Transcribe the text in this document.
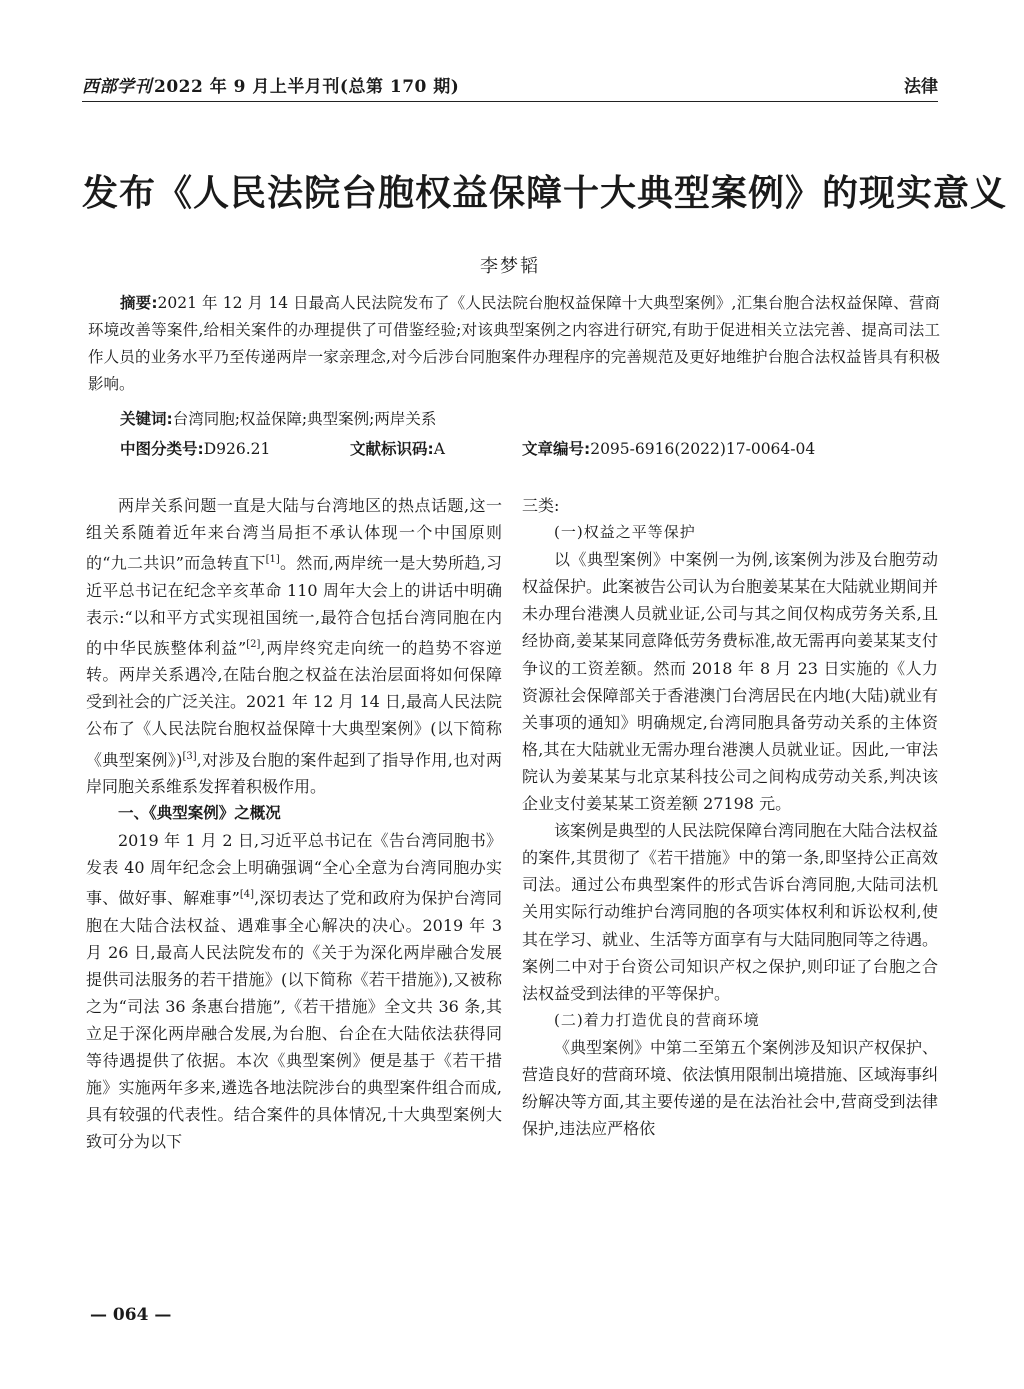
西部学刊 2022 年 9 月上半月刊(总第 170 期)	法律
发布《人民法院台胞权益保障十大典型案例》的现实意义
李梦韬
摘要:2021 年 12 月 14 日最高人民法院发布了《人民法院台胞权益保障十大典型案例》,汇集台胞合法权益保障、营商环境改善等案件,给相关案件的办理提供了可借鉴经验;对该典型案例之内容进行研究,有助于促进相关立法完善、提高司法工作人员的业务水平乃至传递两岸一家亲理念,对今后涉台同胞案件办理程序的完善规范及更好地维护台胞合法权益皆具有积极影响。
关键词:台湾同胞;权益保障;典型案例;两岸关系
中图分类号:D926.21	文献标识码:A	文章编号:2095-6916(2022)17-0064-04

两岸关系问题一直是大陆与台湾地区的热点话题,这一组关系随着近年来台湾当局拒不承认体现一个中国原则的“九二共识”而急转直下[1]。然而,两岸统一是大势所趋,习近平总书记在纪念辛亥革命 110 周年大会上的讲话中明确表示:“以和平方式实现祖国统一,最符合包括台湾同胞在内的中华民族整体利益”[2],两岸终究走向统一的趋势不容逆转。两岸关系遇冷,在陆台胞之权益在法治层面将如何保障受到社会的广泛关注。2021 年 12 月 14 日,最高人民法院公布了《人民法院台胞权益保障十大典型案例》(以下简称《典型案例》)[3],对涉及台胞的案件起到了指导作用,也对两岸同胞关系维系发挥着积极作用。

一、《典型案例》之概况

2019 年 1 月 2 日,习近平总书记在《告台湾同胞书》发表 40 周年纪念会上明确强调“全心全意为台湾同胞办实事、做好事、解难事”[4],深切表达了党和政府为保护台湾同胞在大陆合法权益、遇难事全心解决的决心。2019 年 3 月 26 日,最高人民法院发布的《关于为深化两岸融合发展提供司法服务的若干措施》(以下简称《若干措施》),又被称之为“司法 36 条惠台措施”,《若干措施》全文共 36 条,其立足于深化两岸融合发展,为台胞、台企在大陆依法获得同等待遇提供了依据。本次《典型案例》便是基于《若干措施》实施两年多来,遴选各地法院涉台的典型案件组合而成,具有较强的代表性。结合案件的具体情况,十大典型案例大致可分为以下

三类:

(一)权益之平等保护

以《典型案例》中案例一为例,该案例为涉及台胞劳动权益保护。此案被告公司认为台胞姜某某在大陆就业期间并未办理台港澳人员就业证,公司与其之间仅构成劳务关系,且经协商,姜某某同意降低劳务费标准,故无需再向姜某某支付争议的工资差额。然而 2018 年 8 月 23 日实施的《人力资源社会保障部关于香港澳门台湾居民在内地(大陆)就业有关事项的通知》明确规定,台湾同胞具备劳动关系的主体资格,其在大陆就业无需办理台港澳人员就业证。因此,一审法院认为姜某某与北京某科技公司之间构成劳动关系,判决该企业支付姜某某工资差额 27198 元。

该案例是典型的人民法院保障台湾同胞在大陆合法权益的案件,其贯彻了《若干措施》中的第一条,即坚持公正高效司法。通过公布典型案件的形式告诉台湾同胞,大陆司法机关用实际行动维护台湾同胞的各项实体权利和诉讼权利,使其在学习、就业、生活等方面享有与大陆同胞同等之待遇。案例二中对于台资公司知识产权之保护,则印证了台胞之合法权益受到法律的平等保护。

(二)着力打造优良的营商环境

《典型案例》中第二至第五个案例涉及知识产权保护、营造良好的营商环境、依法慎用限制出境措施、区域海事纠纷解决等方面,其主要传递的是在法治社会中,营商受到法律保护,违法应严格依

— 064 —
